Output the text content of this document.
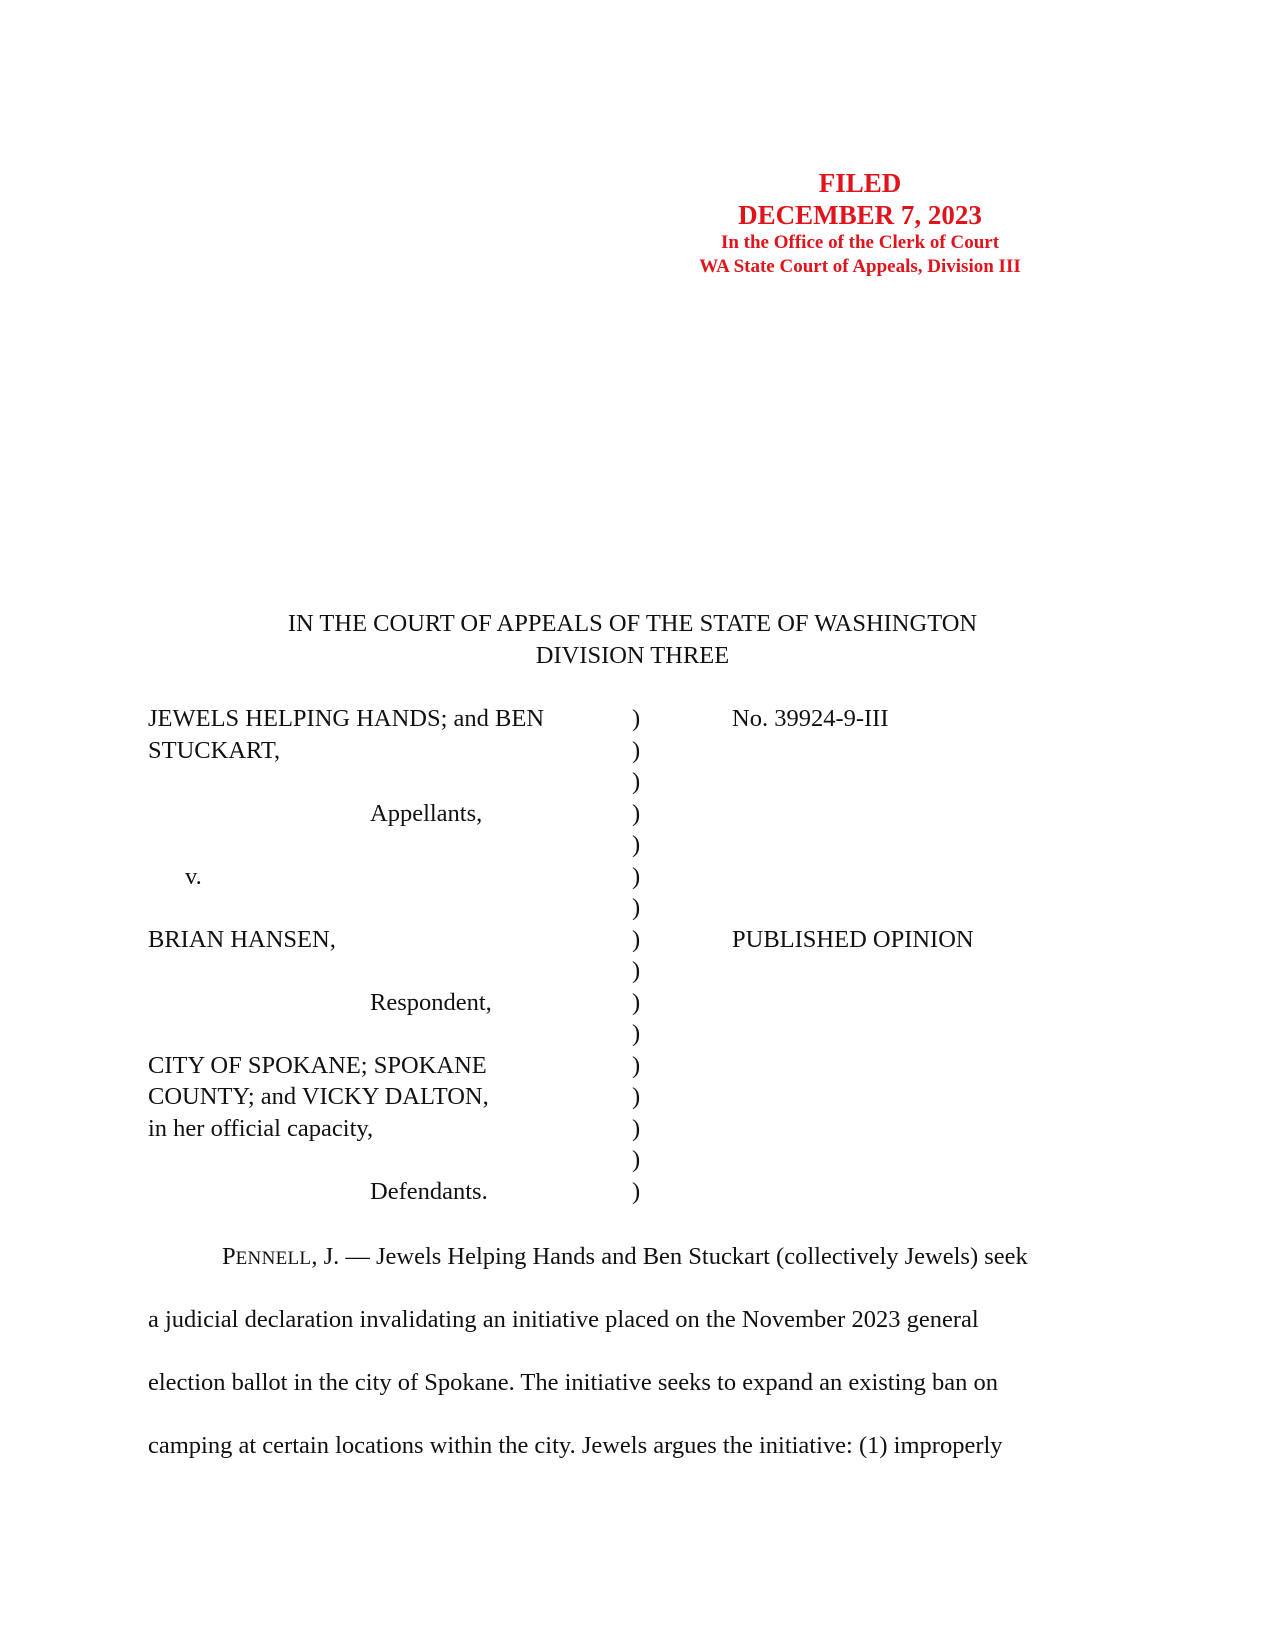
FILED
DECEMBER 7, 2023
In the Office of the Clerk of Court
WA State Court of Appeals, Division III
IN THE COURT OF APPEALS OF THE STATE OF WASHINGTON
DIVISION THREE
JEWELS HELPING HANDS; and BEN
STUCKART,
Appellants,
v.
BRIAN HANSEN,
Respondent,
CITY OF SPOKANE; SPOKANE
COUNTY; and VICKY DALTON,
in her official capacity,
Defendants.
)
)
)
)
)
)
)
)
)
)
)
)
)
)
)
)
No. 39924-9-III
PUBLISHED OPINION
PENNELL, J. — Jewels Helping Hands and Ben Stuckart (collectively Jewels) seek
a judicial declaration invalidating an initiative placed on the November 2023 general
election ballot in the city of Spokane. The initiative seeks to expand an existing ban on
camping at certain locations within the city. Jewels argues the initiative: (1) improperly
